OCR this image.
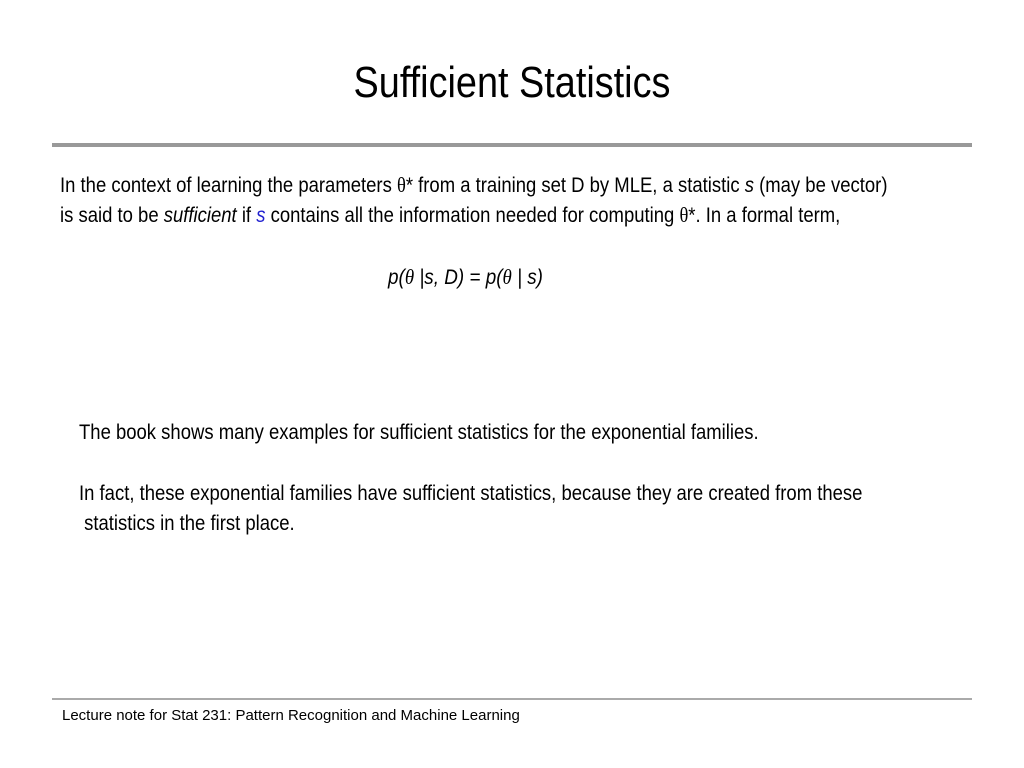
Sufficient Statistics
In the context of learning the parameters θ* from a training set D by MLE, a statistic s (may be vector)
is said to be sufficient if s contains all the information needed for computing θ*. In a formal term,
p(θ |s, D) = p(θ | s)
The book shows many examples for sufficient statistics for the exponential families.
In fact, these exponential families have sufficient statistics, because they are created from these
statistics in the first place.
Lecture note for Stat 231: Pattern Recognition and Machine Learning
